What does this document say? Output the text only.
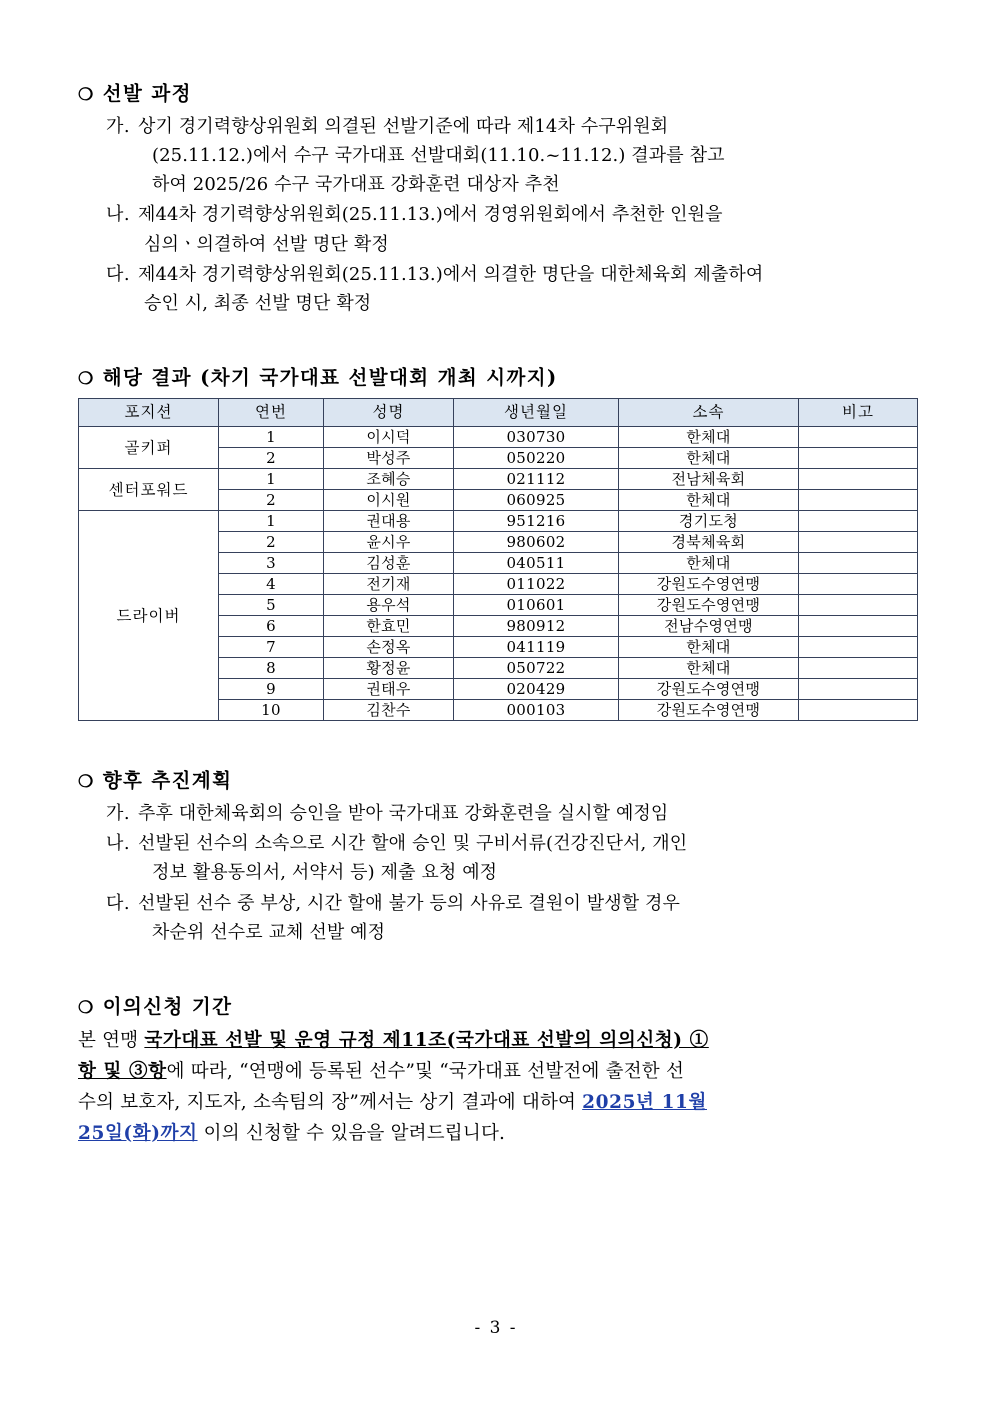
❍ 선발 과정
가. 상기 경기력향상위원회 의결된 선발기준에 따라 제14차 수구위원회
(25.11.12.)에서 수구 국가대표 선발대회(11.10.~11.12.) 결과를 참고
하여 2025/26 수구 국가대표 강화훈련 대상자 추천
나. 제44차 경기력향상위원회(25.11.13.)에서 경영위원회에서 추천한 인원을
심의ㆍ의결하여 선발 명단 확정
다. 제44차 경기력향상위원회(25.11.13.)에서 의결한 명단을 대한체육회 제출하여
승인 시, 최종 선발 명단 확정
❍ 해당 결과 (차기 국가대표 선발대회 개최 시까지)
포지션	연번	성명	생년월일	소속	비고
골키퍼	1	이시덕	030730	한체대	
	2	박성주	050220	한체대	
센터포워드	1	조혜승	021112	전남체육회	
	2	이시원	060925	한체대	
드라이버	1	권대용	951216	경기도청	
	2	윤시우	980602	경북체육회	
	3	김성훈	040511	한체대	
	4	전기재	011022	강원도수영연맹	
	5	용우석	010601	강원도수영연맹	
	6	한효민	980912	전남수영연맹	
	7	손정옥	041119	한체대	
	8	황정윤	050722	한체대	
	9	권태우	020429	강원도수영연맹	
	10	김찬수	000103	강원도수영연맹	
❍ 향후 추진계획
가. 추후 대한체육회의 승인을 받아 국가대표 강화훈련을 실시할 예정임
나. 선발된 선수의 소속으로 시간 할애 승인 및 구비서류(건강진단서, 개인
정보 활용동의서, 서약서 등) 제출 요청 예정
다. 선발된 선수 중 부상, 시간 할애 불가 등의 사유로 결원이 발생할 경우
차순위 선수로 교체 선발 예정
❍ 이의신청 기간
본 연맹 국가대표 선발 및 운영 규정 제11조(국가대표 선발의 의의신청) ①
항 및 ③항에 따라, “연맹에 등록된 선수”및 “국가대표 선발전에 출전한 선
수의 보호자, 지도자, 소속팀의 장”께서는 상기 결과에 대하여 2025년 11월
25일(화)까지 이의 신청할 수 있음을 알려드립니다.
- 3 -
